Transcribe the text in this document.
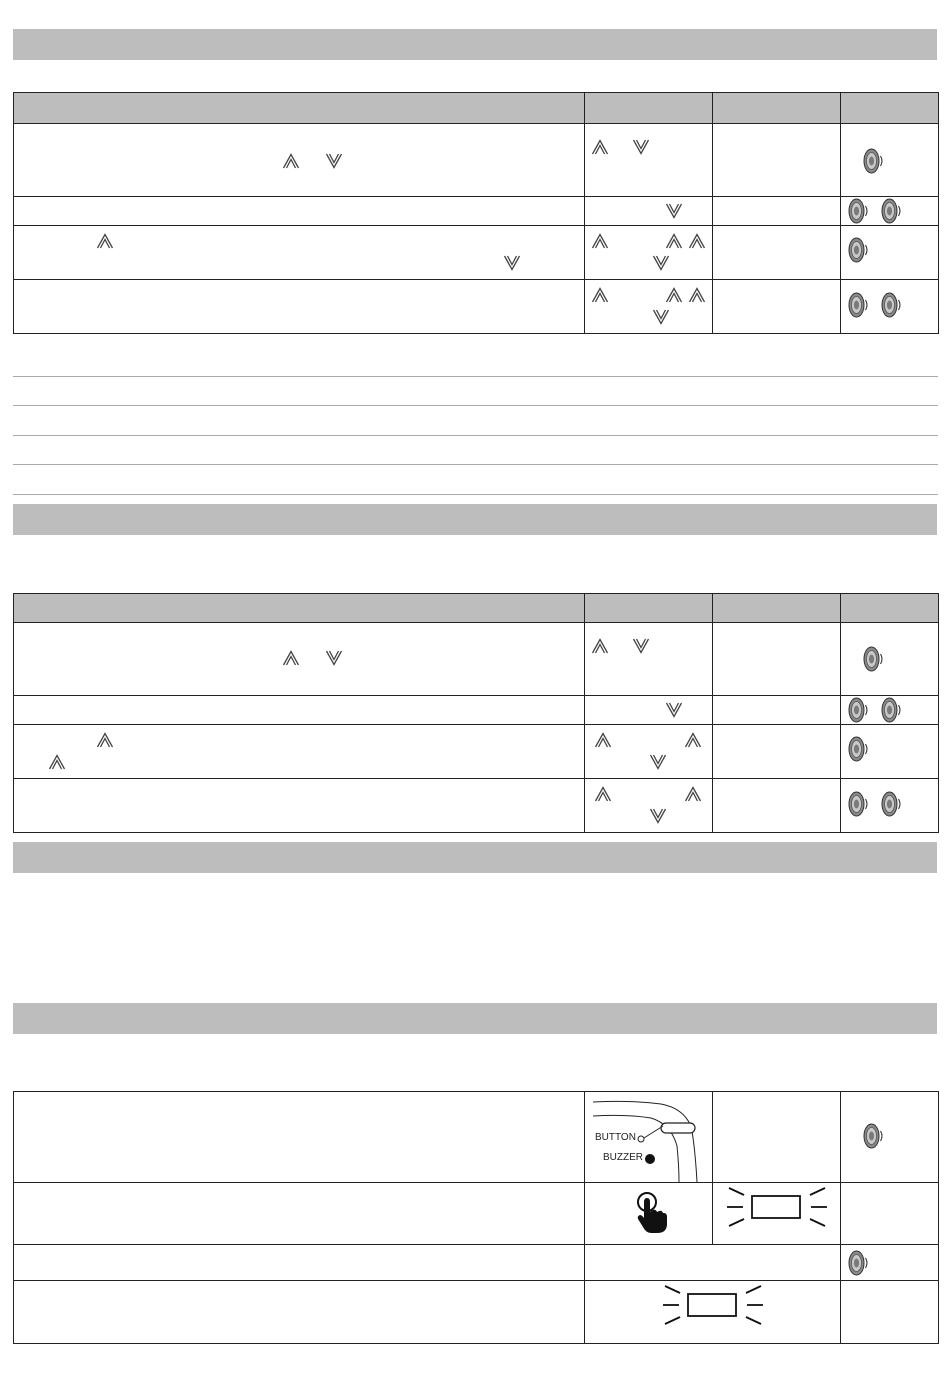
	BUTTON
BUZZER
